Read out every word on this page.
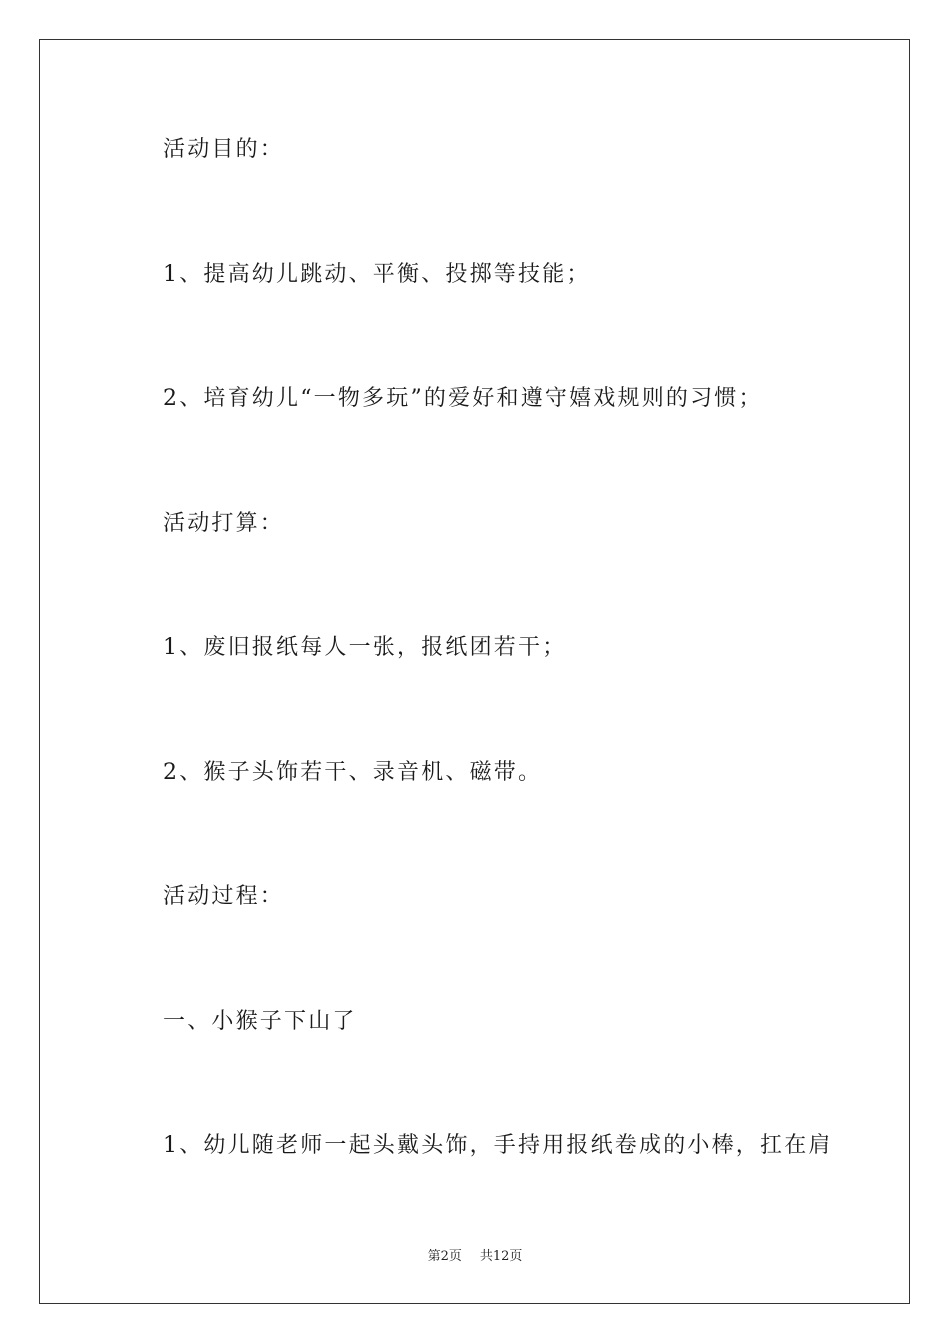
活动目的：
1、提高幼儿跳动、平衡、投掷等技能；
2、培育幼儿“一物多玩”的爱好和遵守嬉戏规则的习惯；
活动打算：
1、废旧报纸每人一张，报纸团若干；
2、猴子头饰若干、录音机、磁带。
活动过程：
一、小猴子下山了
1、幼儿随老师一起头戴头饰，手持用报纸卷成的小棒，扛在肩
第2页 共12页
